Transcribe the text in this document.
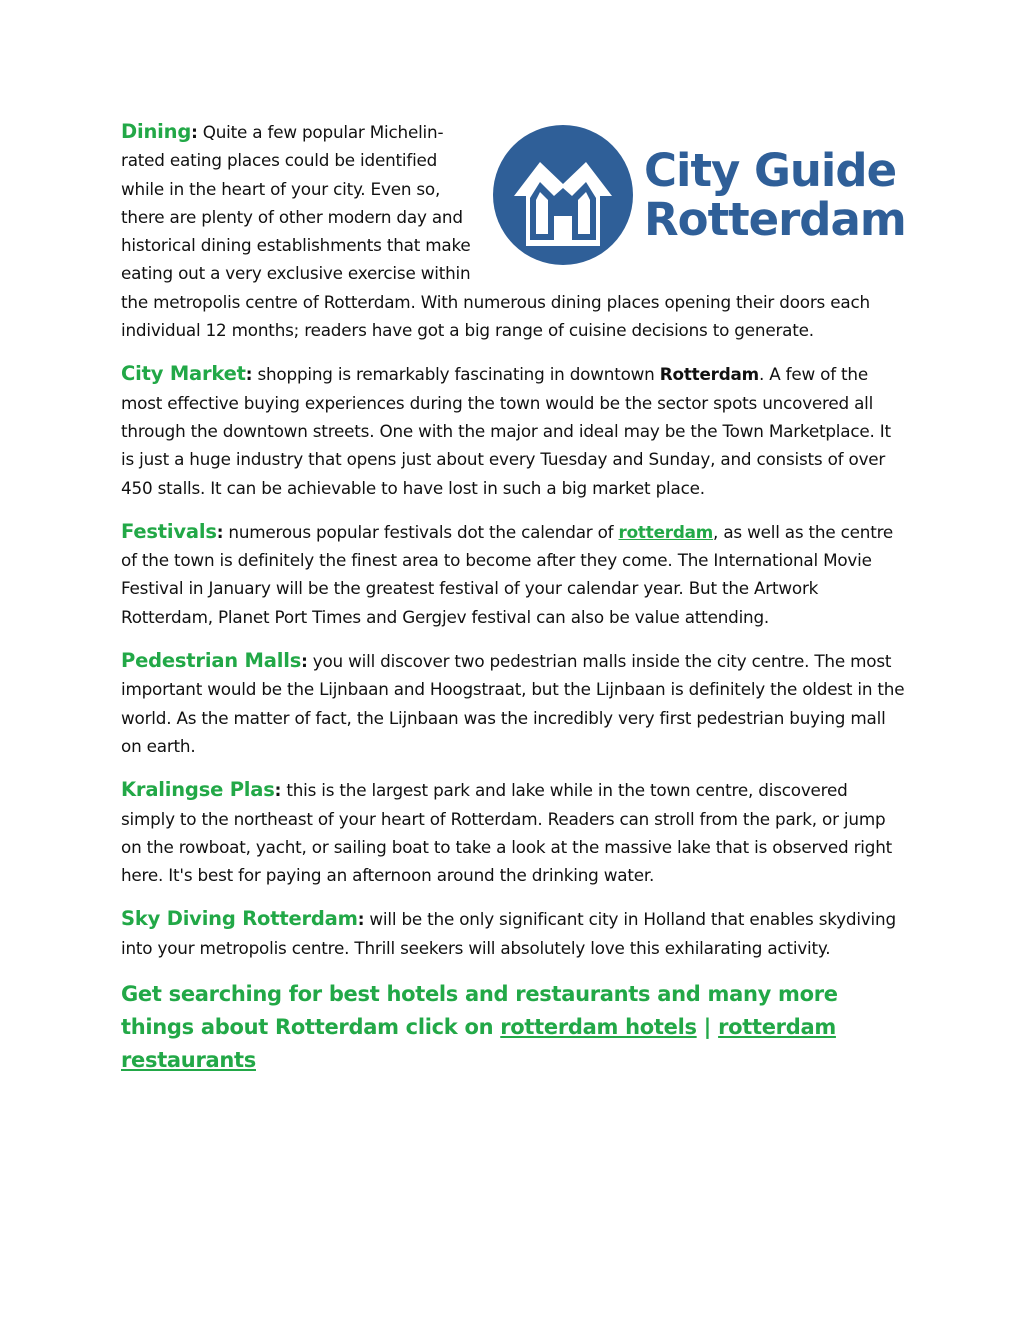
City Guide
Rotterdam

Dining: Quite a few popular Michelin-rated eating places could be identified while in the heart of your city. Even so, there are plenty of other modern day and historical dining establishments that make eating out a very exclusive exercise within the metropolis centre of Rotterdam. With numerous dining places opening their doors each individual 12 months; readers have got a big range of cuisine decisions to generate.

City Market: shopping is remarkably fascinating in downtown Rotterdam. A few of the most effective buying experiences during the town would be the sector spots uncovered all through the downtown streets. One with the major and ideal may be the Town Marketplace. It is just a huge industry that opens just about every Tuesday and Sunday, and consists of over 450 stalls. It can be achievable to have lost in such a big market place.

Festivals: numerous popular festivals dot the calendar of rotterdam, as well as the centre of the town is definitely the finest area to become after they come. The International Movie Festival in January will be the greatest festival of your calendar year. But the Artwork Rotterdam, Planet Port Times and Gergjev festival can also be value attending.

Pedestrian Malls: you will discover two pedestrian malls inside the city centre. The most important would be the Lijnbaan and Hoogstraat, but the Lijnbaan is definitely the oldest in the world. As the matter of fact, the Lijnbaan was the incredibly very first pedestrian buying mall on earth.

Kralingse Plas: this is the largest park and lake while in the town centre, discovered simply to the northeast of your heart of Rotterdam. Readers can stroll from the park, or jump on the rowboat, yacht, or sailing boat to take a look at the massive lake that is observed right here. It's best for paying an afternoon around the drinking water.

Sky Diving Rotterdam: will be the only significant city in Holland that enables skydiving into your metropolis centre. Thrill seekers will absolutely love this exhilarating activity.

Get searching for best hotels and restaurants and many more things about Rotterdam click on rotterdam hotels | rotterdam restaurants
